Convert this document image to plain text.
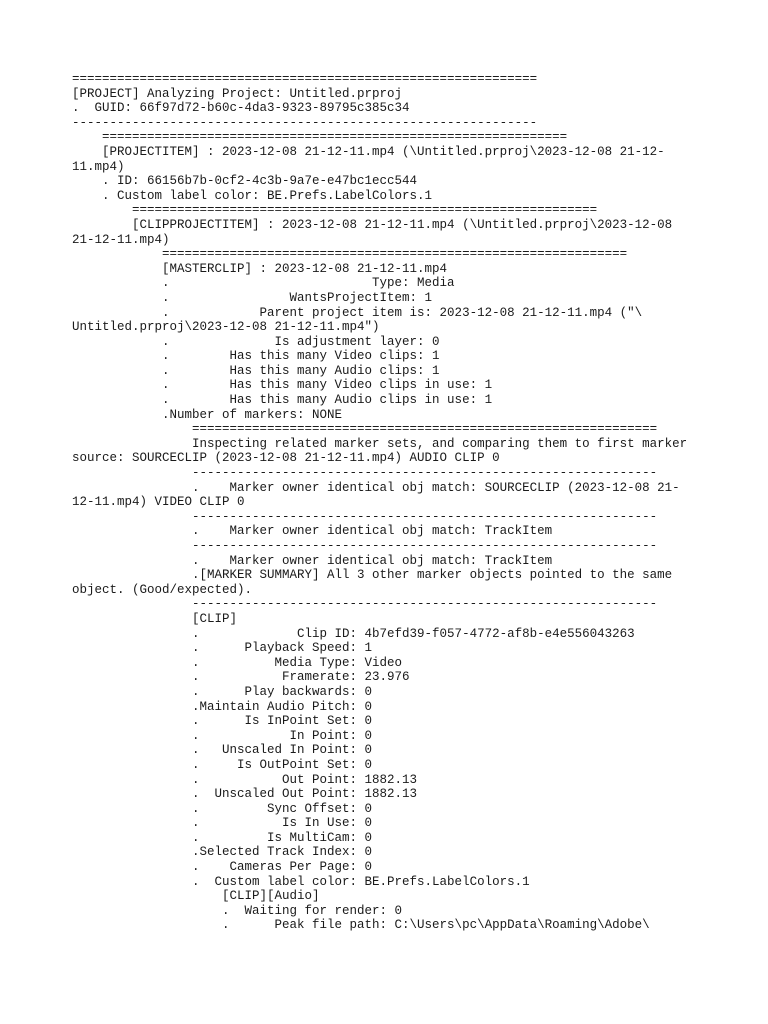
==============================================================
[PROJECT] Analyzing Project: Untitled.prproj
.  GUID: 66f97d72-b60c-4da3-9323-89795c385c34
--------------------------------------------------------------
==============================================================
[PROJECTITEM] : 2023-12-08 21-12-11.mp4 (\Untitled.prproj\2023-12-08 21-12-
11.mp4)
. ID: 66156b7b-0cf2-4c3b-9a7e-e47bc1ecc544
. Custom label color: BE.Prefs.LabelColors.1
==============================================================
[CLIPPROJECTITEM] : 2023-12-08 21-12-11.mp4 (\Untitled.prproj\2023-12-08
21-12-11.mp4)
==============================================================
[MASTERCLIP] : 2023-12-08 21-12-11.mp4
.                           Type: Media
.                WantsProjectItem: 1
.            Parent project item is: 2023-12-08 21-12-11.mp4 ("\
Untitled.prproj\2023-12-08 21-12-11.mp4")
.              Is adjustment layer: 0
.        Has this many Video clips: 1
.        Has this many Audio clips: 1
.        Has this many Video clips in use: 1
.        Has this many Audio clips in use: 1
.Number of markers: NONE
==============================================================
Inspecting related marker sets, and comparing them to first marker
source: SOURCECLIP (2023-12-08 21-12-11.mp4) AUDIO CLIP 0
--------------------------------------------------------------
.    Marker owner identical obj match: SOURCECLIP (2023-12-08 21-
12-11.mp4) VIDEO CLIP 0
--------------------------------------------------------------
.    Marker owner identical obj match: TrackItem
--------------------------------------------------------------
.    Marker owner identical obj match: TrackItem
.[MARKER SUMMARY] All 3 other marker objects pointed to the same
object. (Good/expected).
--------------------------------------------------------------
[CLIP]
.             Clip ID: 4b7efd39-f057-4772-af8b-e4e556043263
.      Playback Speed: 1
.          Media Type: Video
.           Framerate: 23.976
.      Play backwards: 0
.Maintain Audio Pitch: 0
.      Is InPoint Set: 0
.            In Point: 0
.   Unscaled In Point: 0
.     Is OutPoint Set: 0
.           Out Point: 1882.13
.  Unscaled Out Point: 1882.13
.         Sync Offset: 0
.           Is In Use: 0
.         Is MultiCam: 0
.Selected Track Index: 0
.    Cameras Per Page: 0
.  Custom label color: BE.Prefs.LabelColors.1
[CLIP][Audio]
.  Waiting for render: 0
.      Peak file path: C:\Users\pc\AppData\Roaming\Adobe\
